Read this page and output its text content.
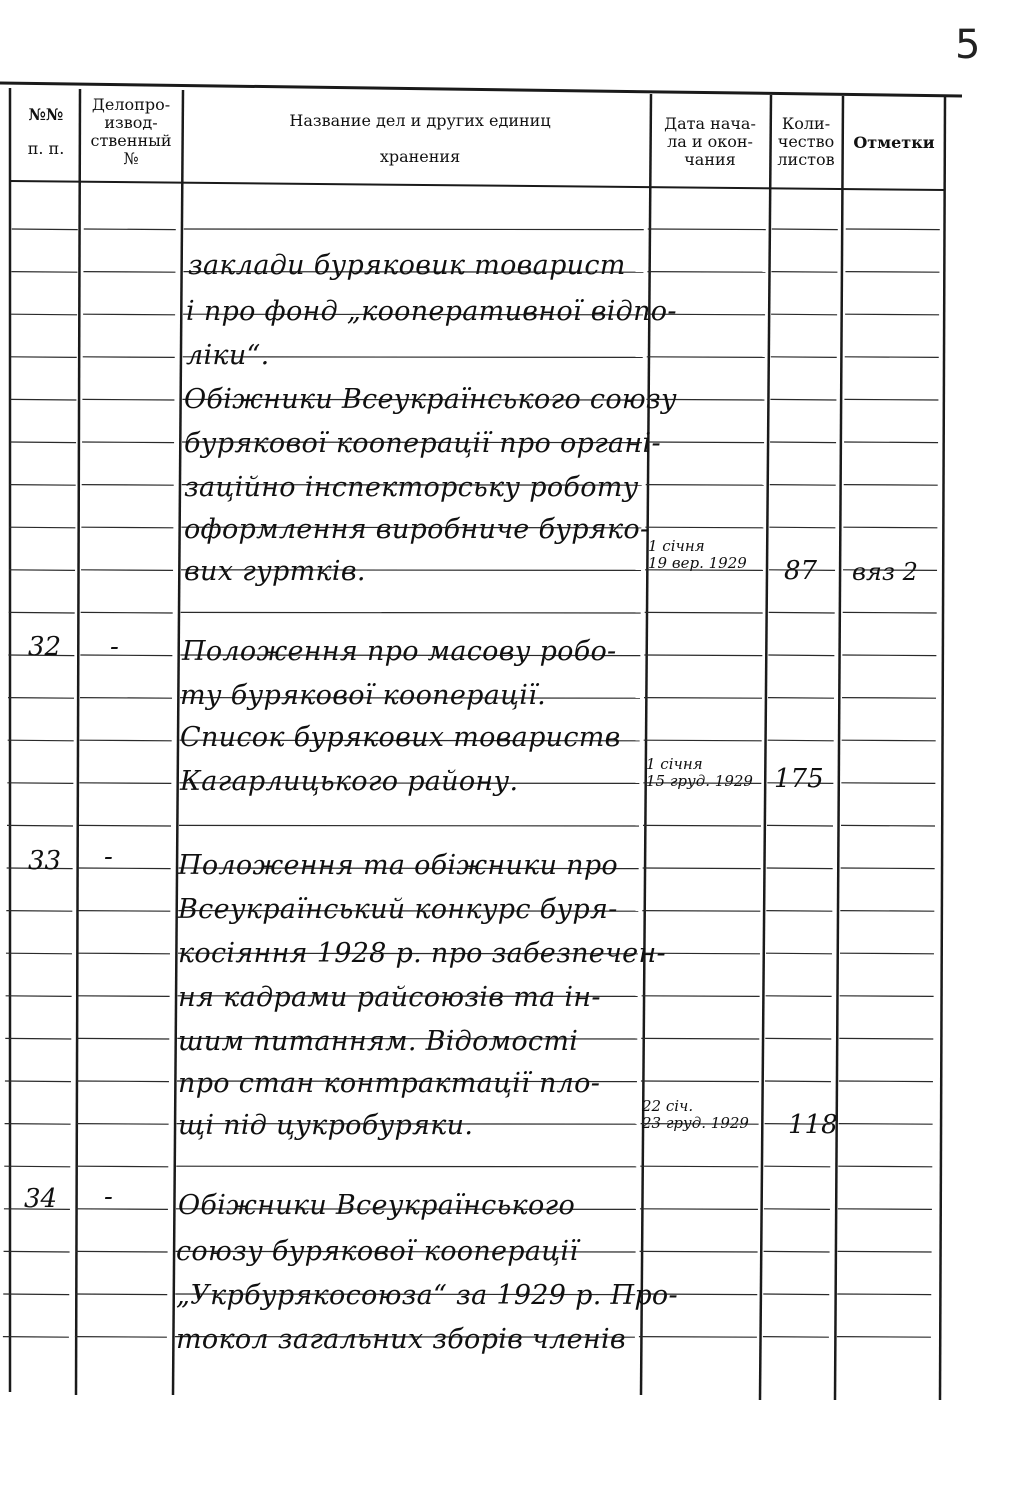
5
№№
п. п.
Делопро-
извод-
ственный
№
Название дел и других единиц
хранения
Дата нача-
ла и окон-
чания
Коли-
чество
листов
Отметки
заклади буряковик товарист
і про фонд „кооперативної відпо-
ліки“.
Обіжники Всеукраїнського союзу
бурякової кооперації про органі-
заційно інспекторську роботу
оформлення виробниче буряко-
вих гуртків.
1 січня
19 вер. 1929 87 вяз 2
32 - Положення про масову робо-
ту бурякової кооперації.
Список бурякових товариств
Кагарлицького району.
1 січня
15 груд. 1929 175
33 - Положення та обіжники про
Всеукраїнський конкурс буря-
косіяння 1928 р. про забезпечен-
ня кадрами райсоюзів та ін-
шим питанням. Відомості
про стан контрактації пло-
щі під цукробуряки.
22 січ.
23 груд. 1929 118
34 - Обіжники Всеукраїнського
союзу бурякової кооперації
„Укрбурякосоюза“ за 1929 р. Про-
токол загальних зборів членів
